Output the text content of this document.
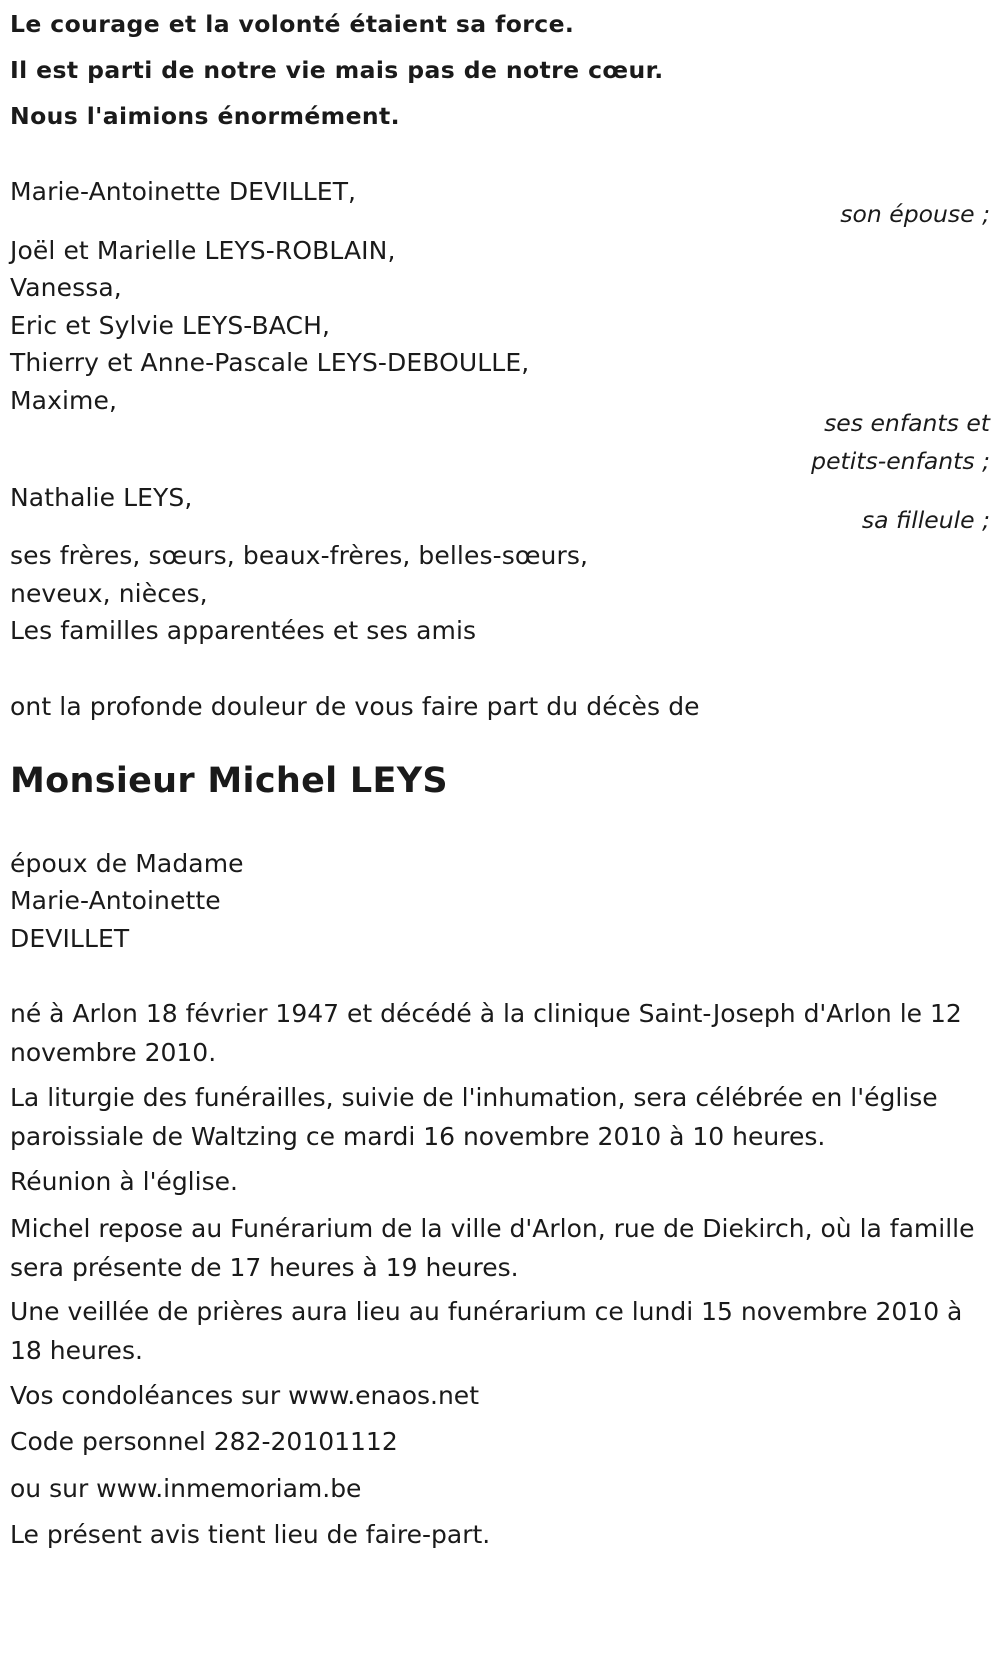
Le courage et la volonté étaient sa force.
Il est parti de notre vie mais pas de notre cœur.
Nous l'aimions énormément.
Marie-Antoinette DEVILLET,
son épouse ;
Joël et Marielle LEYS-ROBLAIN,
Vanessa,
Eric et Sylvie LEYS-BACH,
Thierry et Anne-Pascale LEYS-DEBOULLE,
Maxime,
ses enfants et
petits-enfants ;
Nathalie LEYS,
sa filleule ;
ses frères, sœurs, beaux-frères, belles-sœurs,
neveux, nièces,
Les familles apparentées et ses amis
ont la profonde douleur de vous faire part du décès de
Monsieur Michel LEYS
époux de Madame
Marie-Antoinette
DEVILLET
né à Arlon 18 février 1947 et décédé à la clinique Saint-Joseph d'Arlon le 12 novembre 2010.
La liturgie des funérailles, suivie de l'inhumation, sera célébrée en l'église paroissiale de Waltzing ce mardi 16 novembre 2010 à 10 heures.
Réunion à l'église.
Michel repose au Funérarium de la ville d'Arlon, rue de Diekirch, où la famille sera présente de 17 heures à 19 heures.
Une veillée de prières aura lieu au funérarium ce lundi 15 novembre 2010 à 18 heures.
Vos condoléances sur www.enaos.net
Code personnel 282-20101112
ou sur www.inmemoriam.be
Le présent avis tient lieu de faire-part.
